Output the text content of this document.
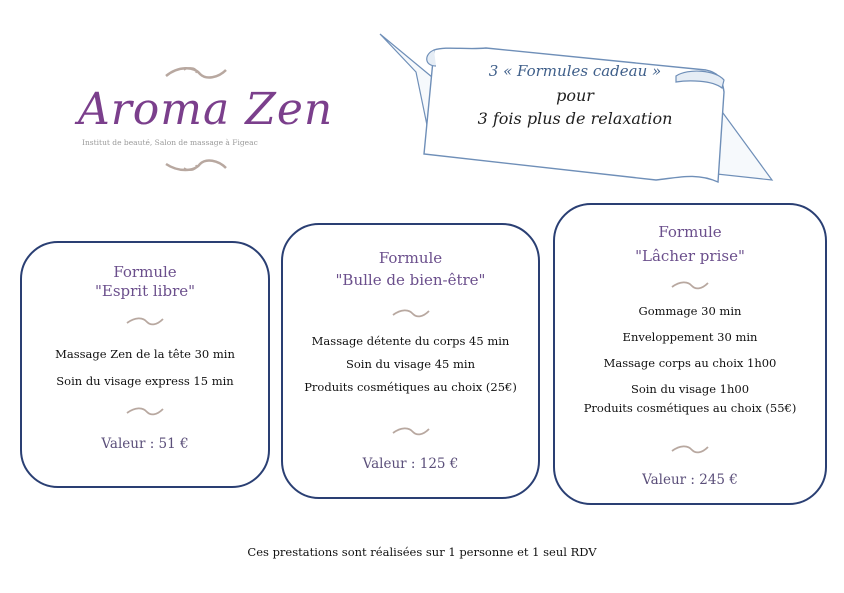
Aroma Zen
Institut de beauté, Salon de massage à Figeac
3 « Formules cadeau »
pour
3 fois plus de relaxation
Formule
"Esprit libre"
Massage Zen de la tête 30 min
Soin du visage express 15 min
Valeur : 51 €
Formule
"Bulle de bien-être"
Massage détente du corps 45 min
Soin du visage 45 min
Produits cosmétiques au choix (25€)
Valeur : 125 €
Formule
"Lâcher prise"
Gommage 30 min
Enveloppement 30 min
Massage corps au choix 1h00
Soin du visage 1h00
Produits cosmétiques au choix (55€)
Valeur : 245 €
Ces prestations sont réalisées sur 1 personne et 1 seul RDV
